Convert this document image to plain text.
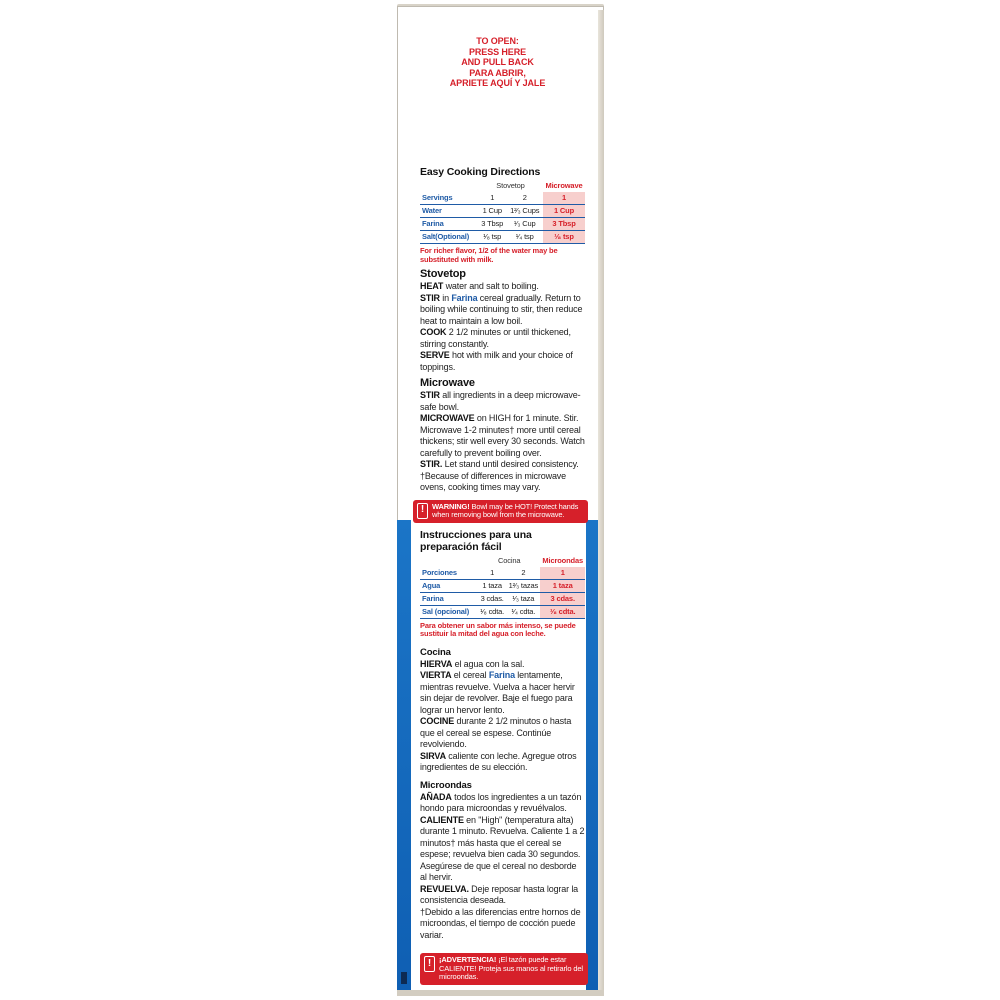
TO OPEN:
PRESS HERE
AND PULL BACK
PARA ABRIR,
APRIETE AQUÍ Y JALE
Easy Cooking Directions
	Stovetop		Microwave
Servings	1	2	1
Water	1 Cup	1²⁄₃ Cups	1 Cup
Farina	3 Tbsp	¹⁄₃ Cup	3 Tbsp
Salt(Optional)	¹⁄₈ tsp	¹⁄₄ tsp	¹⁄₈ tsp
For richer flavor, 1/2 of the water may be substituted with milk.
Stovetop

HEAT water and salt to boiling.

STIR in Farina cereal gradually. Return to boiling while continuing to stir, then reduce heat to maintain a low boil.

COOK 2 1/2 minutes or until thickened, stirring constantly.

SERVE hot with milk and your choice of toppings.

Microwave

STIR all ingredients in a deep microwave-safe bowl.

MICROWAVE on HIGH for 1 minute. Stir. Microwave 1-2 minutes† more until cereal thickens; stir well every 30 seconds. Watch carefully to prevent boiling over.

STIR. Let stand until desired consistency.

†Because of differences in microwave ovens, cooking times may vary.

!	WARNING! Bowl may be HOT! Protect hands when removing bowl from the microwave.
Instrucciones para una preparación fácil
	Cocina		Microondas
Porciones	1	2	1
Agua	1 taza	1²⁄₃ tazas	1 taza
Farina	3 cdas.	¹⁄₃ taza	3 cdas.
Sal (opcional)	¹⁄₈ cdta.	¹⁄₄ cdta.	¹⁄₈ cdta.
Para obtener un sabor más intenso, se puede sustituir la mitad del agua con leche.
Cocina

HIERVA el agua con la sal.

VIERTA el cereal Farina lentamente, mientras revuelve. Vuelva a hacer hervir sin dejar de revolver. Baje el fuego para lograr un hervor lento.

COCINE durante 2 1/2 minutos o hasta que el cereal se espese. Continúe revolviendo.

SIRVA caliente con leche. Agregue otros ingredientes de su elección.

Microondas

AÑADA todos los ingredientes a un tazón hondo para microondas y revuélvalos.

CALIENTE en "High" (temperatura alta) durante 1 minuto. Revuelva. Caliente 1 a 2 minutos† más hasta que el cereal se espese; revuelva bien cada 30 segundos. Asegúrese de que el cereal no desborde al hervir.

REVUELVA. Deje reposar hasta lograr la consistencia deseada.

†Debido a las diferencias entre hornos de microondas, el tiempo de cocción puede variar.

!	¡ADVERTENCIA! ¡El tazón puede estar CALIENTE! Proteja sus manos al retirarlo del microondas.
